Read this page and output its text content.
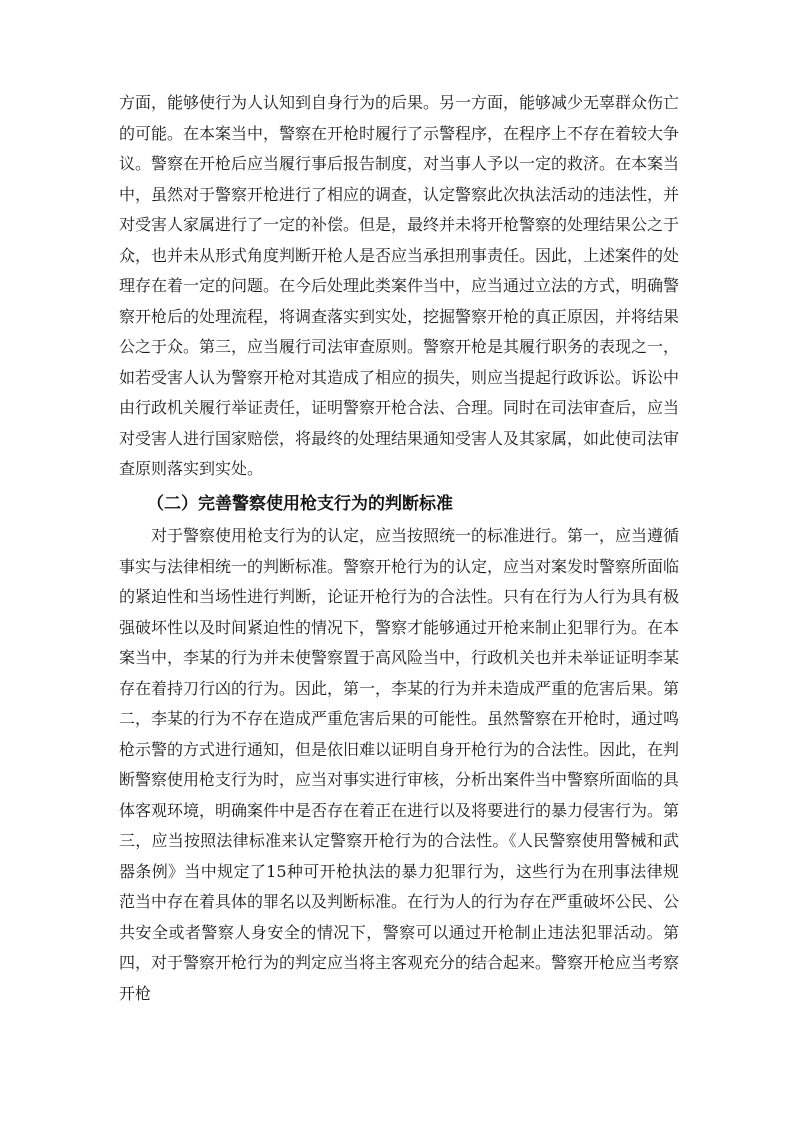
方面，能够使行为人认知到自身行为的后果。另一方面，能够减少无辜群众伤亡的可能。在本案当中，警察在开枪时履行了示警程序，在程序上不存在着较大争议。警察在开枪后应当履行事后报告制度，对当事人予以一定的救济。在本案当中，虽然对于警察开枪进行了相应的调查，认定警察此次执法活动的违法性，并对受害人家属进行了一定的补偿。但是，最终并未将开枪警察的处理结果公之于众，也并未从形式角度判断开枪人是否应当承担刑事责任。因此，上述案件的处理存在着一定的问题。在今后处理此类案件当中，应当通过立法的方式，明确警察开枪后的处理流程，将调查落实到实处，挖掘警察开枪的真正原因，并将结果公之于众。第三，应当履行司法审查原则。警察开枪是其履行职务的表现之一，如若受害人认为警察开枪对其造成了相应的损失，则应当提起行政诉讼。诉讼中由行政机关履行举证责任，证明警察开枪合法、合理。同时在司法审查后，应当对受害人进行国家赔偿，将最终的处理结果通知受害人及其家属，如此使司法审查原则落实到实处。

（二）完善警察使用枪支行为的判断标准

对于警察使用枪支行为的认定，应当按照统一的标准进行。第一，应当遵循事实与法律相统一的判断标准。警察开枪行为的认定，应当对案发时警察所面临的紧迫性和当场性进行判断，论证开枪行为的合法性。只有在行为人行为具有极强破坏性以及时间紧迫性的情况下，警察才能够通过开枪来制止犯罪行为。在本案当中，李某的行为并未使警察置于高风险当中，行政机关也并未举证证明李某存在着持刀行凶的行为。因此，第一，李某的行为并未造成严重的危害后果。第二，李某的行为不存在造成严重危害后果的可能性。虽然警察在开枪时，通过鸣枪示警的方式进行通知，但是依旧难以证明自身开枪行为的合法性。因此，在判断警察使用枪支行为时，应当对事实进行审核，分析出案件当中警察所面临的具体客观环境，明确案件中是否存在着正在进行以及将要进行的暴力侵害行为。第三，应当按照法律标准来认定警察开枪行为的合法性。《人民警察使用警械和武器条例》当中规定了15种可开枪执法的暴力犯罪行为，这些行为在刑事法律规范当中存在着具体的罪名以及判断标准。在行为人的行为存在严重破坏公民、公共安全或者警察人身安全的情况下，警察可以通过开枪制止违法犯罪活动。第四，对于警察开枪行为的判定应当将主客观充分的结合起来。警察开枪应当考察开枪
